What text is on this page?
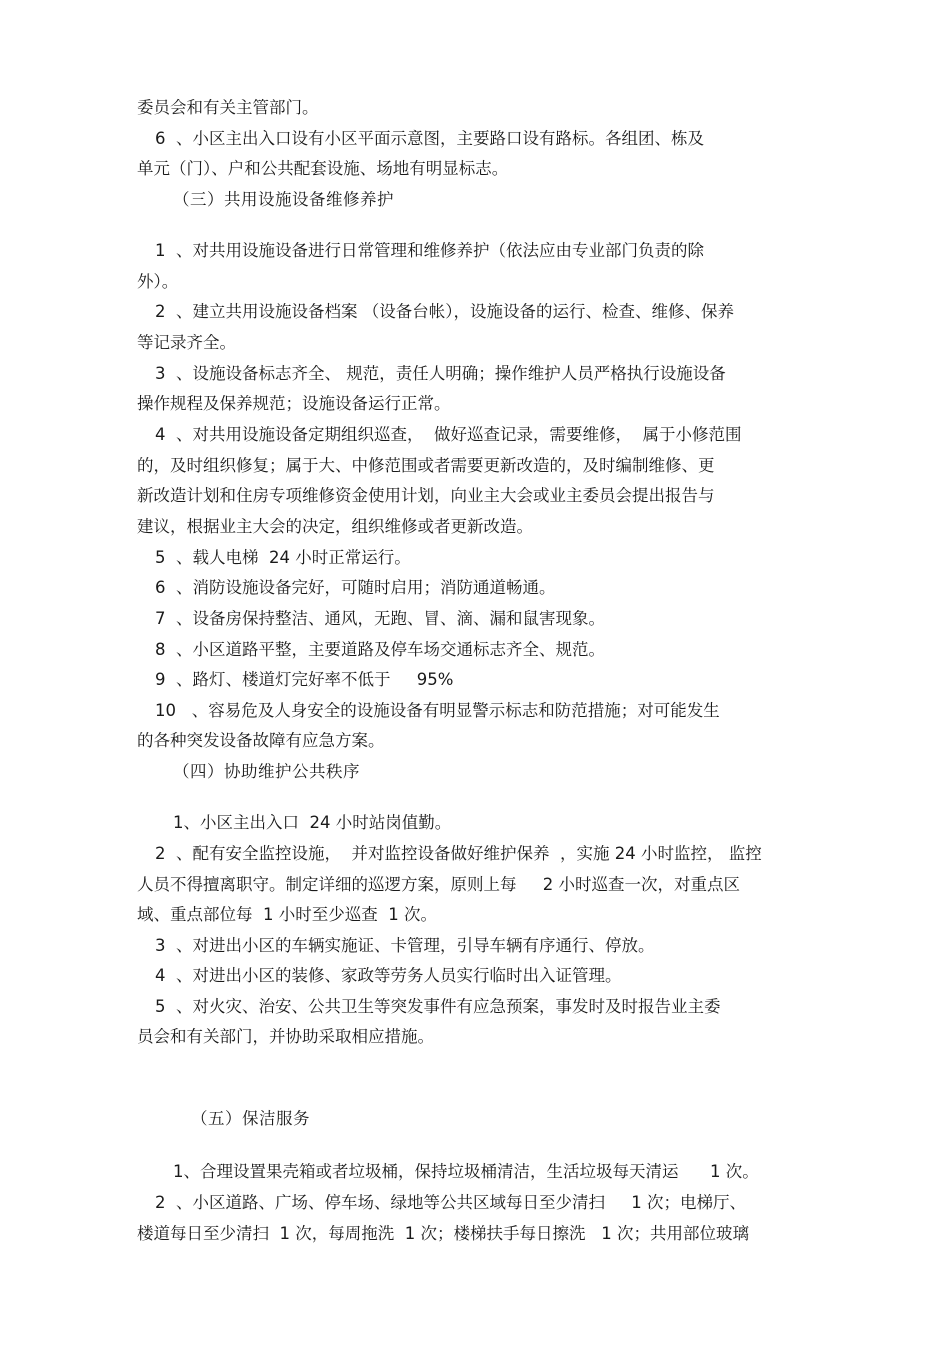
委员会和有关主管部门。
6  、小区主出入口设有小区平面示意图，主要路口设有路标。各组团、栋及
单元（门）、户和公共配套设施、场地有明显标志。
（三）共用设施设备维修养护
1  、对共用设施设备进行日常管理和维修养护（依法应由专业部门负责的除
外）。
2  、建立共用设施设备档案 （设备台帐），设施设备的运行、检查、维修、保养
等记录齐全。
3  、设施设备标志齐全、 规范，责任人明确；操作维护人员严格执行设施设备
操作规程及保养规范；设施设备运行正常。
4  、对共用设施设备定期组织巡查，  做好巡查记录，需要维修，  属于小修范围
的，及时组织修复；属于大、中修范围或者需要更新改造的，及时编制维修、更
新改造计划和住房专项维修资金使用计划，向业主大会或业主委员会提出报告与
建议，根据业主大会的决定，组织维修或者更新改造。
5  、载人电梯  24 小时正常运行。
6  、消防设施设备完好，可随时启用；消防通道畅通。
7  、设备房保持整洁、通风，无跑、冒、滴、漏和鼠害现象。
8  、小区道路平整，主要道路及停车场交通标志齐全、规范。
9  、路灯、楼道灯完好率不低于     95%
10   、容易危及人身安全的设施设备有明显警示标志和防范措施；对可能发生
的各种突发设备故障有应急方案。
（四）协助维护公共秩序
1、小区主出入口  24 小时站岗值勤。
2  、配有安全监控设施，  并对监控设备做好维护保养  ，实施 24 小时监控， 监控
人员不得擅离职守。制定详细的巡逻方案，原则上每     2 小时巡查一次，对重点区
域、重点部位每  1 小时至少巡查  1 次。
3  、对进出小区的车辆实施证、卡管理，引导车辆有序通行、停放。
4  、对进出小区的装修、家政等劳务人员实行临时出入证管理。
5  、对火灾、治安、公共卫生等突发事件有应急预案，事发时及时报告业主委
员会和有关部门，并协助采取相应措施。
（五）保洁服务
1、合理设置果壳箱或者垃圾桶，保持垃圾桶清洁，生活垃圾每天清运      1 次。
2  、小区道路、广场、停车场、绿地等公共区域每日至少清扫     1 次；电梯厅、
楼道每日至少清扫  1 次，每周拖洗  1 次；楼梯扶手每日擦洗   1 次；共用部位玻璃
